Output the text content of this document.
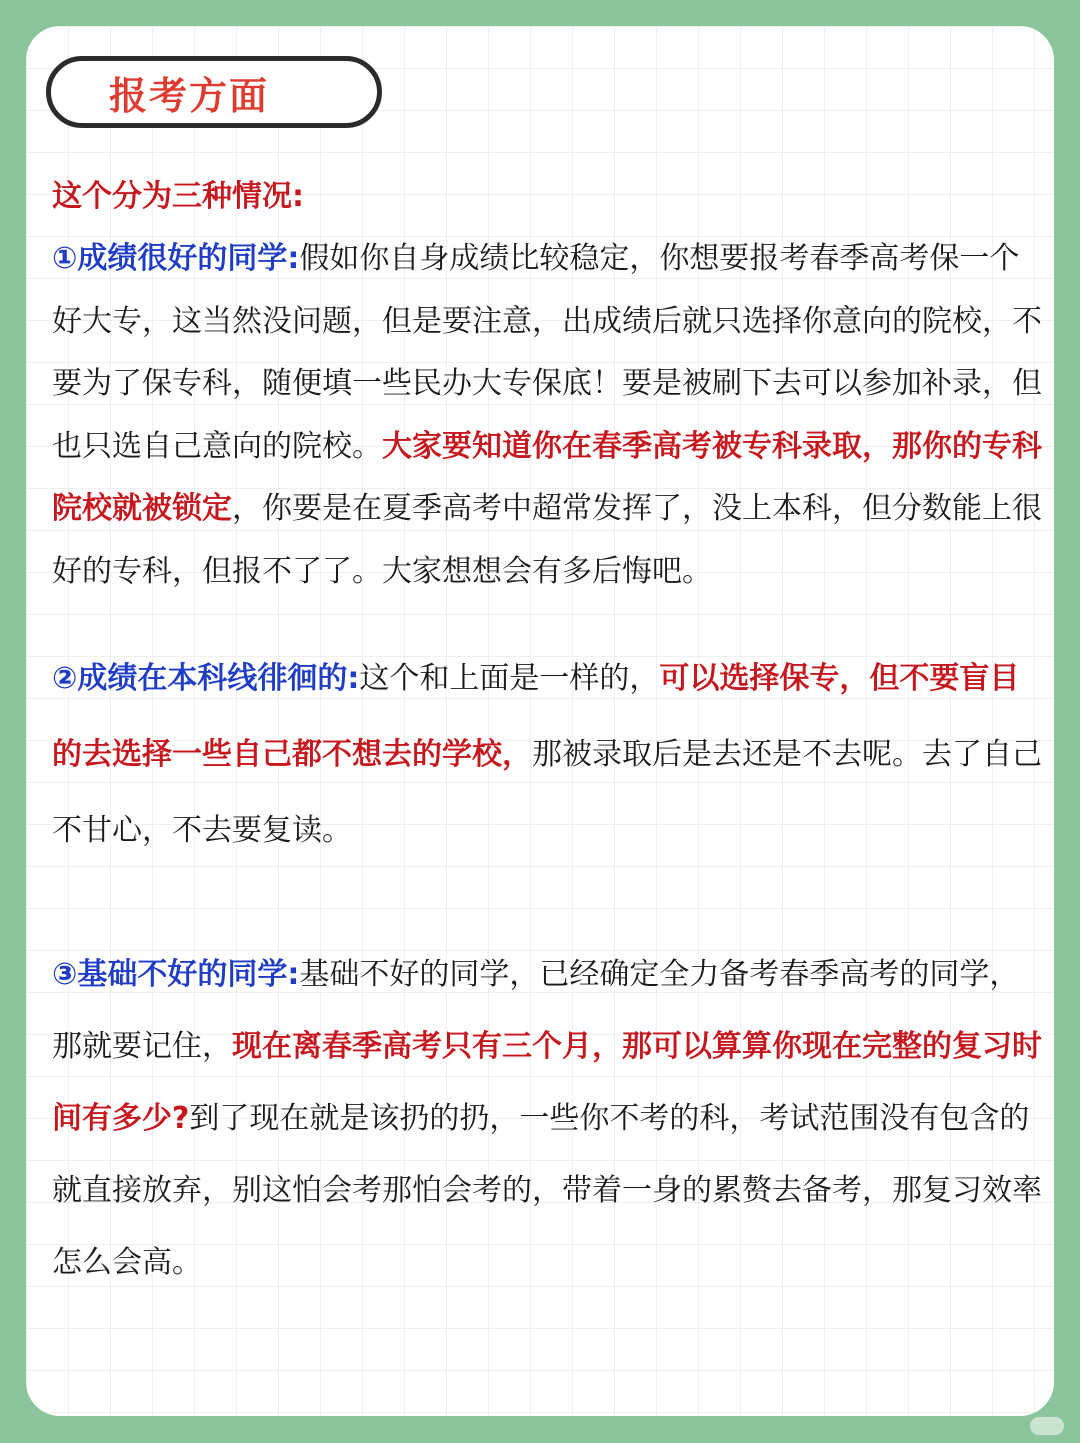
报考方面
这个分为三种情况:

①成绩很好的同学:假如你自身成绩比较稳定，你想要报考春季高考保一个好大专，这当然没问题，但是要注意，出成绩后就只选择你意向的院校，不要为了保专科，随便填一些民办大专保底！要是被刷下去可以参加补录，但也只选自己意向的院校。大家要知道你在春季高考被专科录取，那你的专科院校就被锁定，你要是在夏季高考中超常发挥了，没上本科，但分数能上很好的专科，但报不了了。大家想想会有多后悔吧。

②成绩在本科线徘徊的:这个和上面是一样的，可以选择保专，但不要盲目的去选择一些自己都不想去的学校，那被录取后是去还是不去呢。去了自己不甘心，不去要复读。

③基础不好的同学:基础不好的同学，已经确定全力备考春季高考的同学，那就要记住，现在离春季高考只有三个月，那可以算算你现在完整的复习时间有多少?到了现在就是该扔的扔，一些你不考的科，考试范围没有包含的就直接放弃，别这怕会考那怕会考的，带着一身的累赘去备考，那复习效率怎么会高。
